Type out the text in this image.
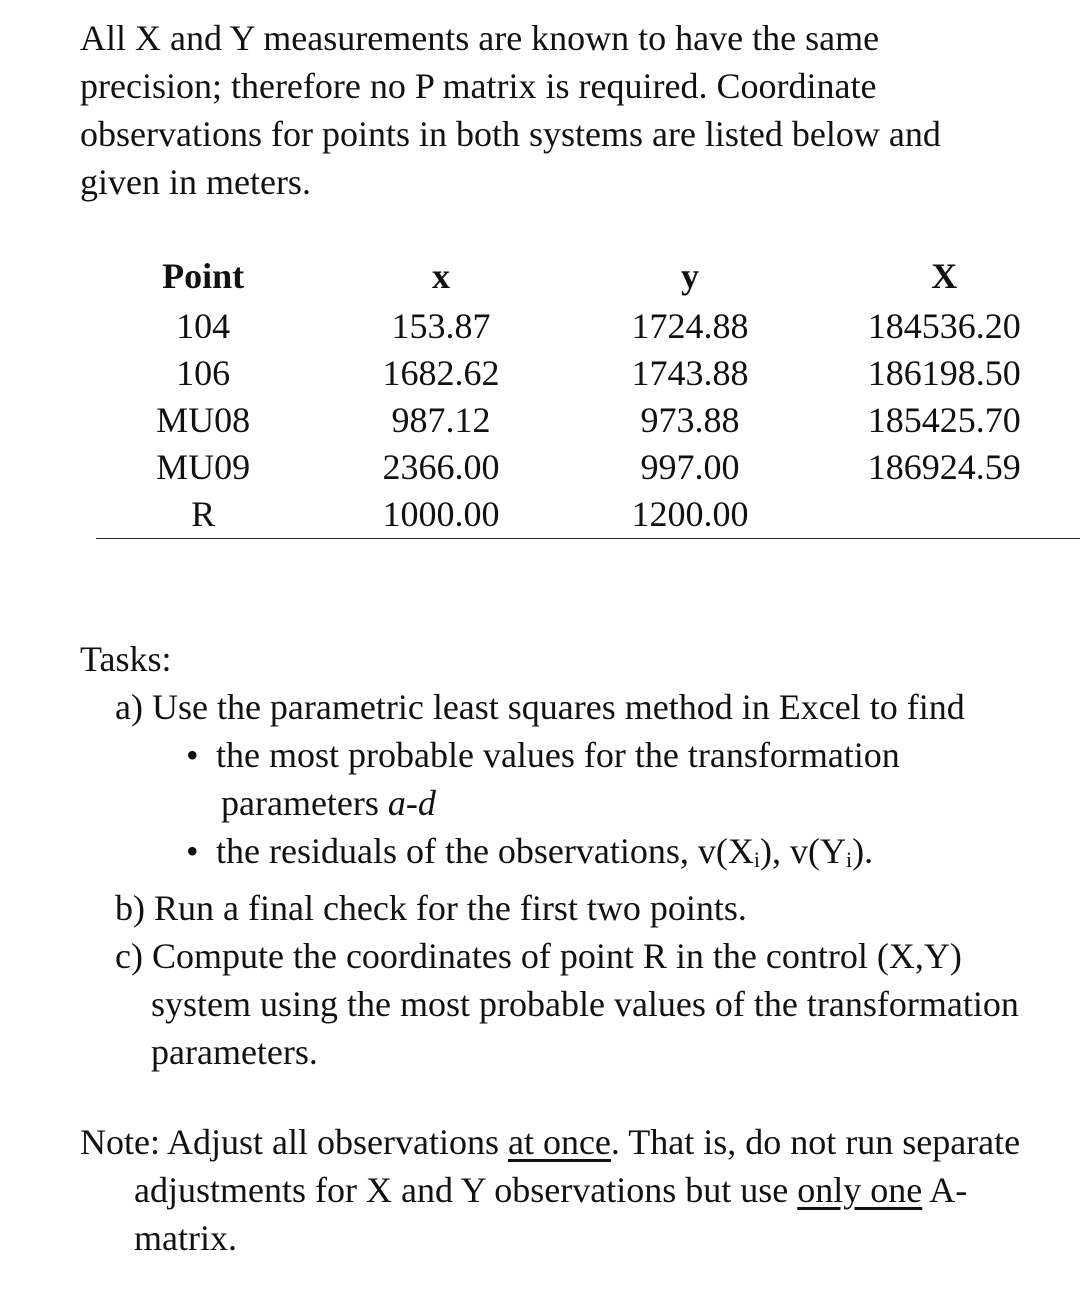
All X and Y measurements are known to have the same
precision; therefore no P matrix is required. Coordinate
observations for points in both systems are listed below and
given in meters.
Point	x	y	X
104	153.87	1724.88	184536.20
106	1682.62	1743.88	186198.50
MU08	987.12	973.88	185425.70
MU09	2366.00	997.00	186924.59
R	1000.00	1200.00	
Tasks:
a) Use the parametric least squares method in Excel to find
• the most probable values for the transformation
parameters a-d
• the residuals of the observations, v(Xi), v(Yi).
b) Run a final check for the first two points.
c) Compute the coordinates of point R in the control (X,Y)
system using the most probable values of the transformation
parameters.
Note: Adjust all observations at once. That is, do not run separate
adjustments for X and Y observations but use only one A-
matrix.
